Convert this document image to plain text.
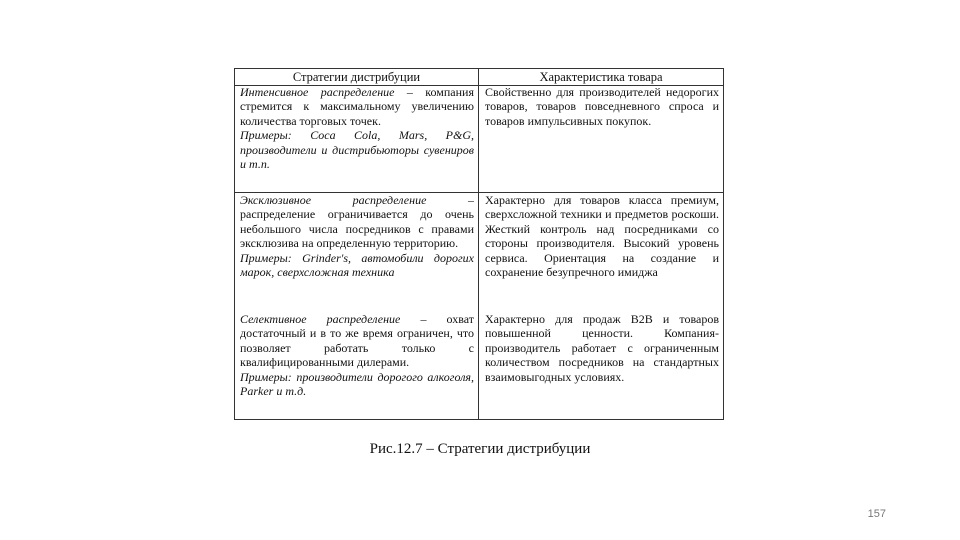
Стратегии дистрибуции	Характеристика товара

Интенсивное распределение – компания стремится к максимальному увеличению количества торговых точек.

Примеры: Coca Cola, Mars, P&G, производители и дистрибьюторы сувениров и т.п.

Свойственно для производителей недорогих товаров, товаров повседневного спроса и товаров импульсивных покупок.

Эксклюзивное распределение – распределение ограничивается до очень небольшого числа посредников с правами эксклюзива на определенную территорию.

Примеры: Grinder's, автомобили дорогих марок, сверхсложная техника

Характерно для товаров класса премиум, сверхсложной техники и предметов роскоши. Жесткий контроль над посредниками со стороны производителя. Высокий уровень сервиса. Ориентация на создание и сохранение безупречного имиджа

Селективное распределение – охват достаточный и в то же время ограничен, что позволяет работать только с квалифицированными дилерами.

Примеры: производители дорогого алкоголя, Parker и т.д.

Характерно для продаж B2B и товаров повышенной ценности. Компания-производитель работает с ограниченным количеством посредников на стандартных взаимовыгодных условиях.

Рис.12.7 – Стратегии дистрибуции
157
